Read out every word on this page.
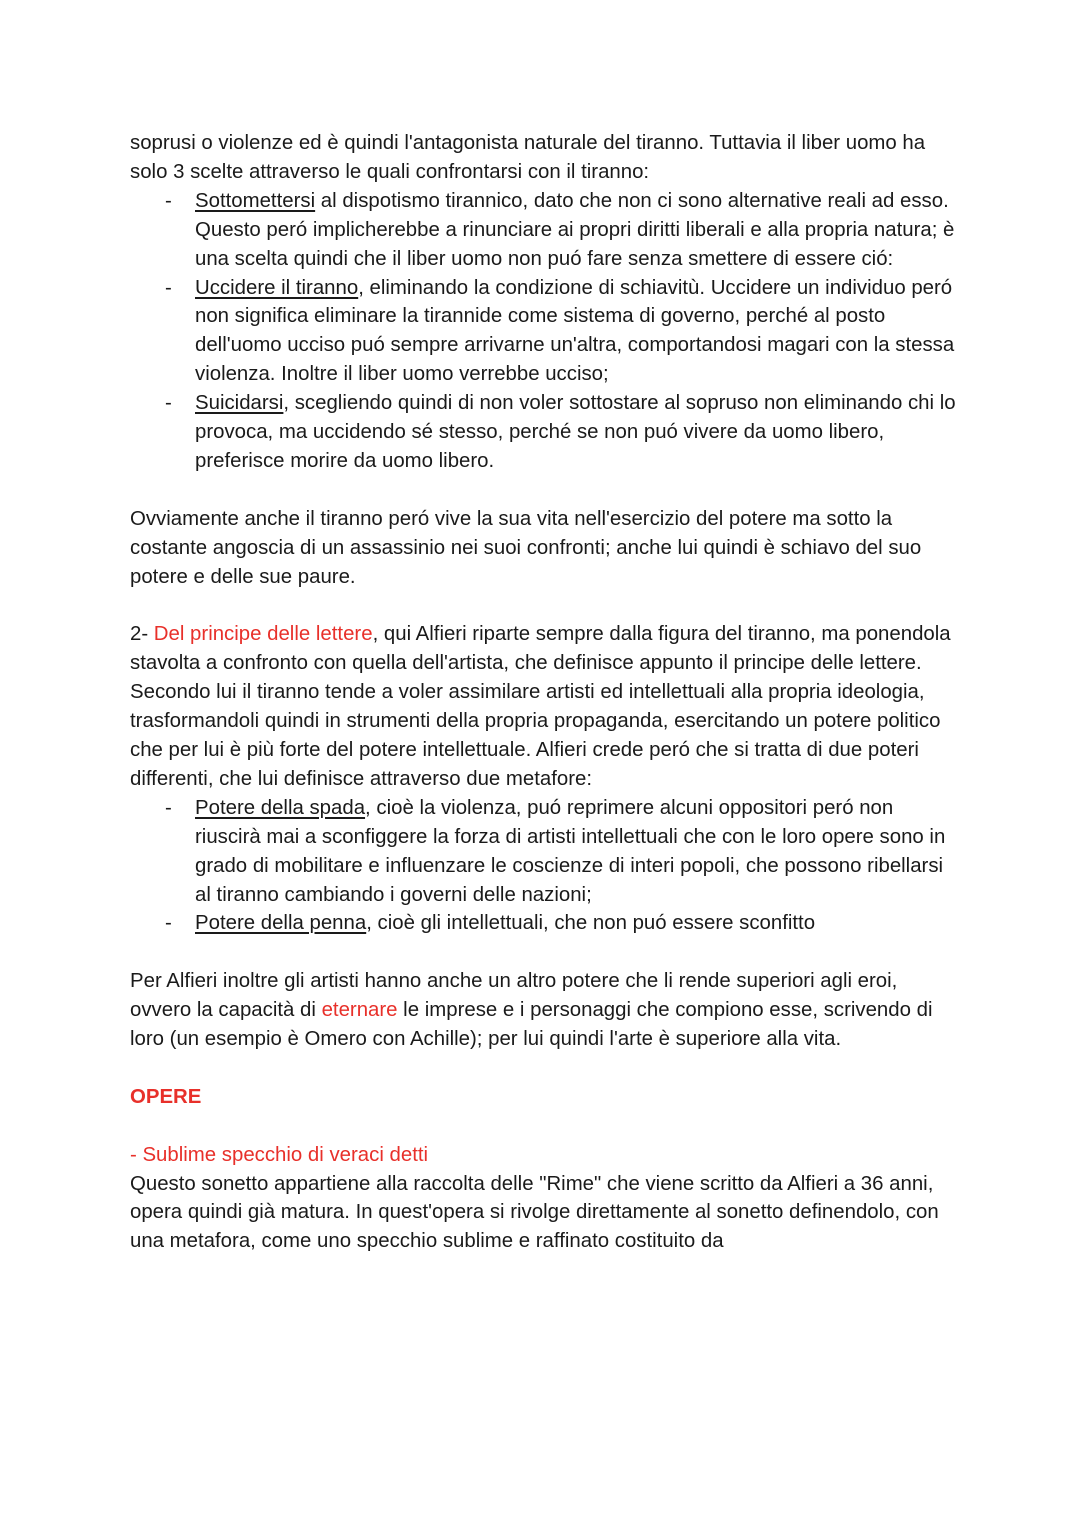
soprusi o violenze ed è quindi l'antagonista naturale del tiranno. Tuttavia il liber uomo ha solo 3 scelte attraverso le quali confrontarsi con il tiranno:

- Sottomettersi al dispotismo tirannico, dato che non ci sono alternative reali ad esso. Questo peró implicherebbe a rinunciare ai propri diritti liberali e alla propria natura; è una scelta quindi che il liber uomo non puó fare senza smettere di essere ció:
- Uccidere il tiranno, eliminando la condizione di schiavitù. Uccidere un individuo peró non significa eliminare la tirannide come sistema di governo, perché al posto dell'uomo ucciso puó sempre arrivarne un'altra, comportandosi magari con la stessa violenza. Inoltre il liber uomo verrebbe ucciso;
- Suicidarsi, scegliendo quindi di non voler sottostare al sopruso non eliminando chi lo provoca, ma uccidendo sé stesso, perché se non puó vivere da uomo libero, preferisce morire da uomo libero.

Ovviamente anche il tiranno peró vive la sua vita nell'esercizio del potere ma sotto la costante angoscia di un assassinio nei suoi confronti; anche lui quindi è schiavo del suo potere e delle sue paure.

2- Del principe delle lettere, qui Alfieri riparte sempre dalla figura del tiranno, ma ponendola stavolta a confronto con quella dell'artista, che definisce appunto il principe delle lettere. Secondo lui il tiranno tende a voler assimilare artisti ed intellettuali alla propria ideologia, trasformandoli quindi in strumenti della propria propaganda, esercitando un potere politico che per lui è più forte del potere intellettuale. Alfieri crede peró che si tratta di due poteri differenti, che lui definisce attraverso due metafore:

- Potere della spada, cioè la violenza, puó reprimere alcuni oppositori peró non riuscirà mai a sconfiggere la forza di artisti intellettuali che con le loro opere sono in grado di mobilitare e influenzare le coscienze di interi popoli, che possono ribellarsi al tiranno cambiando i governi delle nazioni;
- Potere della penna, cioè gli intellettuali, che non puó essere sconfitto

Per Alfieri inoltre gli artisti hanno anche un altro potere che li rende superiori agli eroi, ovvero la capacità di eternare le imprese e i personaggi che compiono esse, scrivendo di loro (un esempio è Omero con Achille); per lui quindi l'arte è superiore alla vita.

OPERE

- Sublime specchio di veraci detti

Questo sonetto appartiene alla raccolta delle "Rime" che viene scritto da Alfieri a 36 anni, opera quindi già matura. In quest'opera si rivolge direttamente al sonetto definendolo, con una metafora, come uno specchio sublime e raffinato costituito da
